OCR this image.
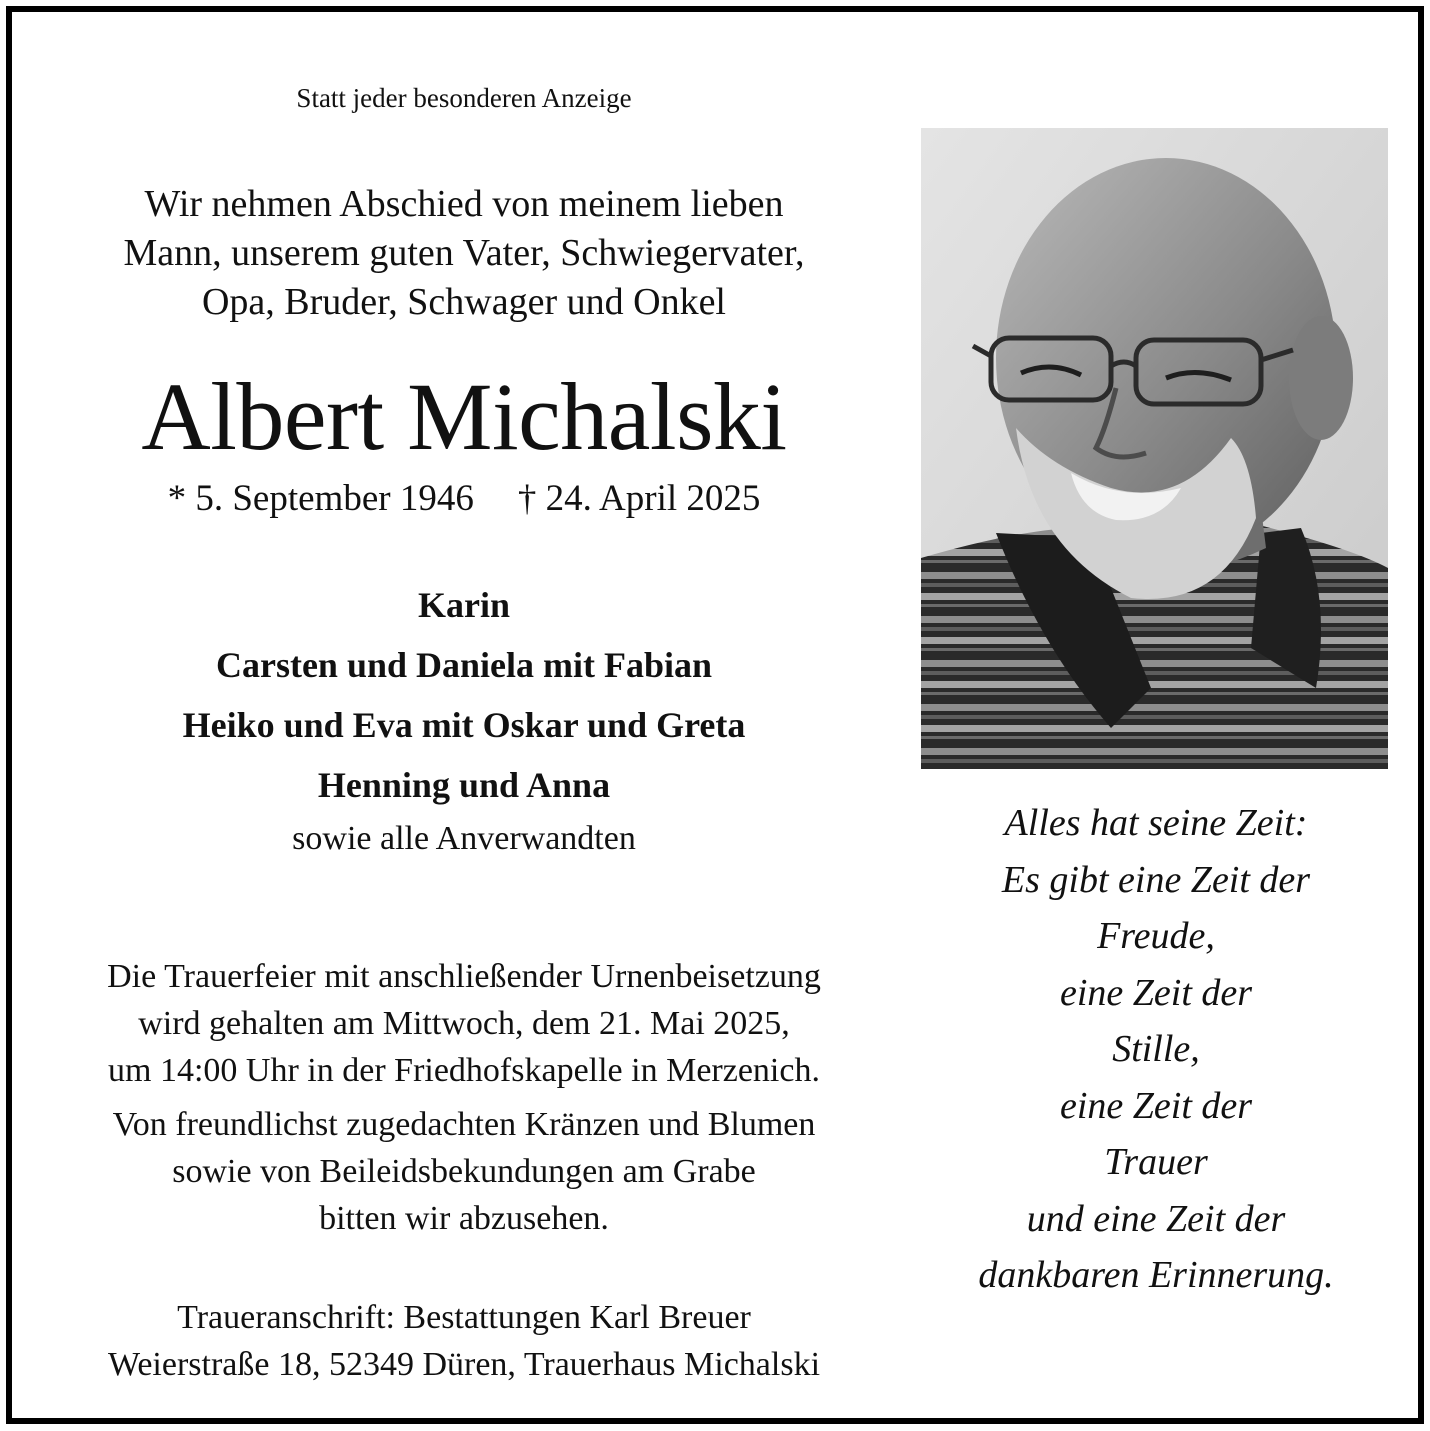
Statt jeder besonderen Anzeige
Wir nehmen Abschied von meinem lieben
Mann, unserem guten Vater, Schwiegervater,
Opa, Bruder, Schwager und Onkel
Albert Michalski
* 5. September 1946 † 24. April 2025
Karin
Carsten und Daniela mit Fabian
Heiko und Eva mit Oskar und Greta
Henning und Anna
sowie alle Anverwandten
Die Trauerfeier mit anschließender Urnenbeisetzung
wird gehalten am Mittwoch, dem 21. Mai 2025,
um 14:00 Uhr in der Friedhofskapelle in Merzenich.
Von freundlichst zugedachten Kränzen und Blumen
sowie von Beileidsbekundungen am Grabe
bitten wir abzusehen.
Traueranschrift: Bestattungen Karl Breuer
Weierstraße 18, 52349 Düren, Trauerhaus Michalski
Alles hat seine Zeit:
Es gibt eine Zeit der
Freude,
eine Zeit der
Stille,
eine Zeit der
Trauer
und eine Zeit der
dankbaren Erinnerung.
